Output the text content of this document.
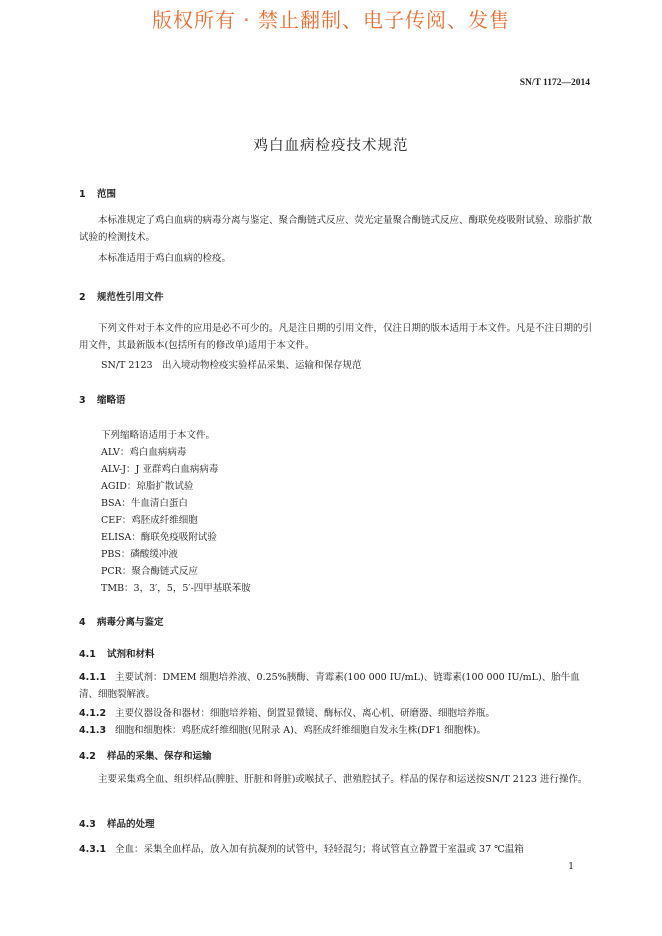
版权所有 · 禁止翻制、电子传阅、发售
SN/T 1172—2014
鸡白血病检疫技术规范
1 范围
本标准规定了鸡白血病的病毒分离与鉴定、聚合酶链式反应、荧光定量聚合酶链式反应、酶联免疫吸附试验、琼脂扩散试验的检测技术。
本标准适用于鸡白血病的检疫。
2 规范性引用文件
下列文件对于本文件的应用是必不可少的。凡是注日期的引用文件，仅注日期的版本适用于本文件。凡是不注日期的引用文件，其最新版本(包括所有的修改单)适用于本文件。
SN/T 2123　出入境动物检疫实验样品采集、运输和保存规范
3 缩略语
下列缩略语适用于本文件。
ALV：鸡白血病病毒
ALV-J：J 亚群鸡白血病病毒
AGID：琼脂扩散试验
BSA：牛血清白蛋白
CEF：鸡胚成纤维细胞
ELISA：酶联免疫吸附试验
PBS：磷酸缓冲液
PCR：聚合酶链式反应
TMB：3，3′，5，5′-四甲基联苯胺
4 病毒分离与鉴定
4.1 试剂和材料
4.1.1 主要试剂：DMEM 细胞培养液、0.25%胰酶、青霉素(100 000 IU/mL)、链霉素(100 000 IU/mL)、胎牛血清、细胞裂解液。
4.1.2 主要仪器设备和器材：细胞培养箱、倒置显微镜、酶标仪、离心机、研磨器、细胞培养瓶。
4.1.3 细胞和细胞株：鸡胚成纤维细胞(见附录 A)、鸡胚成纤维细胞自发永生株(DF1 细胞株)。
4.2 样品的采集、保存和运输
主要采集鸡全血、组织样品(脾脏、肝脏和肾脏)或喉拭子、泄殖腔拭子。样品的保存和运送按SN/T 2123 进行操作。
4.3 样品的处理
4.3.1 全血：采集全血样品，放入加有抗凝剂的试管中，轻轻混匀；将试管直立静置于室温或 37 ℃温箱
1
